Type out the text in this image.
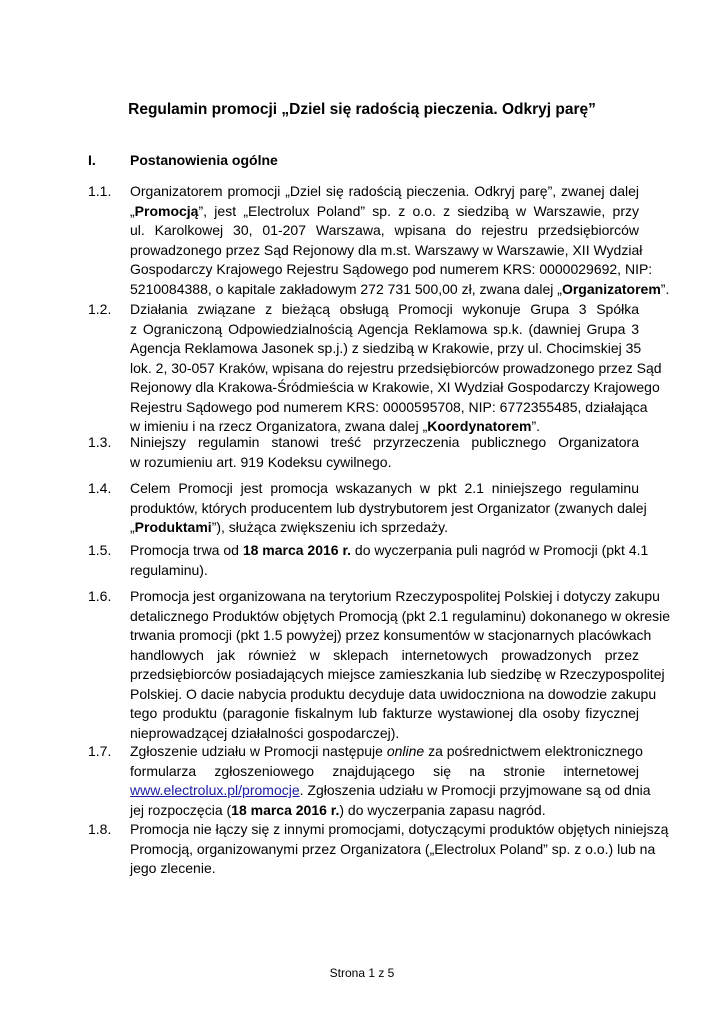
Regulamin promocji „Dziel się radością pieczenia. Odkryj parę”
I. Postanowienia ogólne
1.1. Organizatorem promocji „Dziel się radością pieczenia. Odkryj parę”, zwanej dalej
„Promocją”, jest „Electrolux Poland” sp. z o.o. z siedzibą w Warszawie, przy
ul. Karolkowej 30, 01-207 Warszawa, wpisana do rejestru przedsiębiorców
prowadzonego przez Sąd Rejonowy dla m.st. Warszawy w Warszawie, XII Wydział
Gospodarczy Krajowego Rejestru Sądowego pod numerem KRS: 0000029692, NIP:
5210084388, o kapitale zakładowym 272 731 500,00 zł, zwana dalej „Organizatorem”.
1.2. Działania związane z bieżącą obsługą Promocji wykonuje Grupa 3 Spółka
z Ograniczoną Odpowiedzialnością Agencja Reklamowa sp.k. (dawniej Grupa 3
Agencja Reklamowa Jasonek sp.j.) z siedzibą w Krakowie, przy ul. Chocimskiej 35
lok. 2, 30-057 Kraków, wpisana do rejestru przedsiębiorców prowadzonego przez Sąd
Rejonowy dla Krakowa-Śródmieścia w Krakowie, XI Wydział Gospodarczy Krajowego
Rejestru Sądowego pod numerem KRS: 0000595708, NIP: 6772355485, działająca
w imieniu i na rzecz Organizatora, zwana dalej „Koordynatorem”.
1.3. Niniejszy regulamin stanowi treść przyrzeczenia publicznego Organizatora
w rozumieniu art. 919 Kodeksu cywilnego.
1.4. Celem Promocji jest promocja wskazanych w pkt 2.1 niniejszego regulaminu
produktów, których producentem lub dystrybutorem jest Organizator (zwanych dalej
„Produktami”), służąca zwiększeniu ich sprzedaży.
1.5. Promocja trwa od 18 marca 2016 r. do wyczerpania puli nagród w Promocji (pkt 4.1
regulaminu).
1.6. Promocja jest organizowana na terytorium Rzeczypospolitej Polskiej i dotyczy zakupu
detalicznego Produktów objętych Promocją (pkt 2.1 regulaminu) dokonanego w okresie
trwania promocji (pkt 1.5 powyżej) przez konsumentów w stacjonarnych placówkach
handlowych jak również w sklepach internetowych prowadzonych przez
przedsiębiorców posiadających miejsce zamieszkania lub siedzibę w Rzeczypospolitej
Polskiej. O dacie nabycia produktu decyduje data uwidoczniona na dowodzie zakupu
tego produktu (paragonie fiskalnym lub fakturze wystawionej dla osoby fizycznej
nieprowadzącej działalności gospodarczej).
1.7. Zgłoszenie udziału w Promocji następuje online za pośrednictwem elektronicznego
formularza zgłoszeniowego znajdującego się na stronie internetowej
www.electrolux.pl/promocje. Zgłoszenia udziału w Promocji przyjmowane są od dnia
jej rozpoczęcia (18 marca 2016 r.) do wyczerpania zapasu nagród.
1.8. Promocja nie łączy się z innymi promocjami, dotyczącymi produktów objętych niniejszą
Promocją, organizowanymi przez Organizatora („Electrolux Poland” sp. z o.o.) lub na
jego zlecenie.
Strona 1 z 5
